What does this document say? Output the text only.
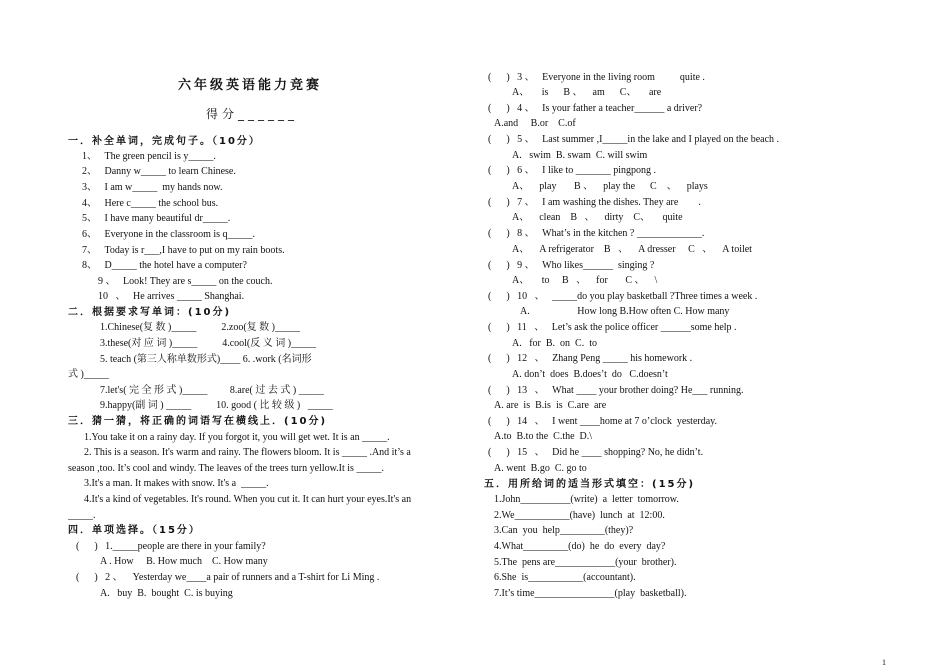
六年级英语能力竞赛
得分______
一．补全单词，完成句子。（10分）
1、   The green pencil is y_____.
2、   Danny w_____ to learn Chinese.
3、   I am w_____  my hands now.
4、   Here c_____ the school bus.
5、   I have many beautiful dr_____.
6、   Everyone in the classroom is q_____.
7、   Today is r___,I have to put on my rain boots.
8、   D_____ the hotel have a computer?
9 、   Look! They are s_____ on the couch.
10   、   He arrives _____ Shanghai.
二．根据要求写单词：(10分)
1.Chinese(复 数 )_____          2.zoo(复 数 )_____
3.these(对 应 词 )_____          4.cool(反 义 词 )_____
5. teach (第三人称单数形式)____ 6. .work (名词形
式 )_____
7.let's( 完 全 形 式 )_____         8.are( 过 去 式 ) _____
9.happy(副 词 ) _____          10. good ( 比 较 级 )   _____
三．猜一猜，将正确的词语写在横线上．(10分)
1.You take it on a rainy day. If you forgot it, you will get wet. It is an _____.
2. This is a season. It's warm and rainy. The flowers bloom. It is _____ .And it’s a
season ,too. It’s cool and windy. The leaves of the trees turn yellow.It is _____.
3.It's a man. It makes with snow. It's a  _____.
4.It's a kind of vegetables. It's round. When you cut it. It can hurt your eyes.It's an
_____.
四．单项选择。（15分）
(      )   1._____people are there in your family?
A . How     B. How much    C. How many
(      )   2 、    Yesterday we____a pair of runners and a T-shirt for Li Ming .
A.   buy  B.  bought  C. is buying
(      )   3 、   Everyone in the living room          quite .
A、     is      B 、    am      C、     are
(      )   4 、   Is your father a teacher______ a driver?
A.and     B.or    C.of
(      )   5 、   Last summer ,I_____in the lake and I played on the beach .
A.   swim  B. swam  C. will swim
(      )   6 、   I like to _______ pingpong .
A、    play       B 、    play the      C    、    plays
(      )   7 、   I am washing the dishes. They are        .
A、    clean    B   、    dirty    C、     quite
(      )   8 、   What’s in the kitchen ? _____________.
A、    A refrigerator    B   、    A dresser     C   、    A toilet
(      )   9 、   Who likes______  singing ?
A、     to     B   、    for       C 、    \
(      )   10   、   _____do you play basketball ?Three times a week .
A.                   How long B.How often C. How many
(      )   11   、   Let’s ask the police officer ______some help .
A.   for  B.  on  C.  to
(      )   12   、   Zhang Peng _____ his homework .
A. don’t  does  B.does’t  do   C.doesn’t
(      )   13   、   What ____ your brother doing? He___ running.
A. are  is  B.is  is  C.are  are
(      )   14   、   I went ____home at 7 o’clock  yesterday.
A.to  B.to the  C.the  D.\
(      )   15   、   Did he ____ shopping? No, he didn’t.
A. went  B.go  C. go to
五．用所给词的适当形式填空：(15分)
1.John__________(write)  a  letter  tomorrow.
2.We___________(have)  lunch  at  12:00.
3.Can  you  help_________(they)?
4.What_________(do)  he  do  every  day?
5.The  pens are____________(your  brother).
6.She  is___________(accountant).
7.It’s time________________(play  basketball).
1
